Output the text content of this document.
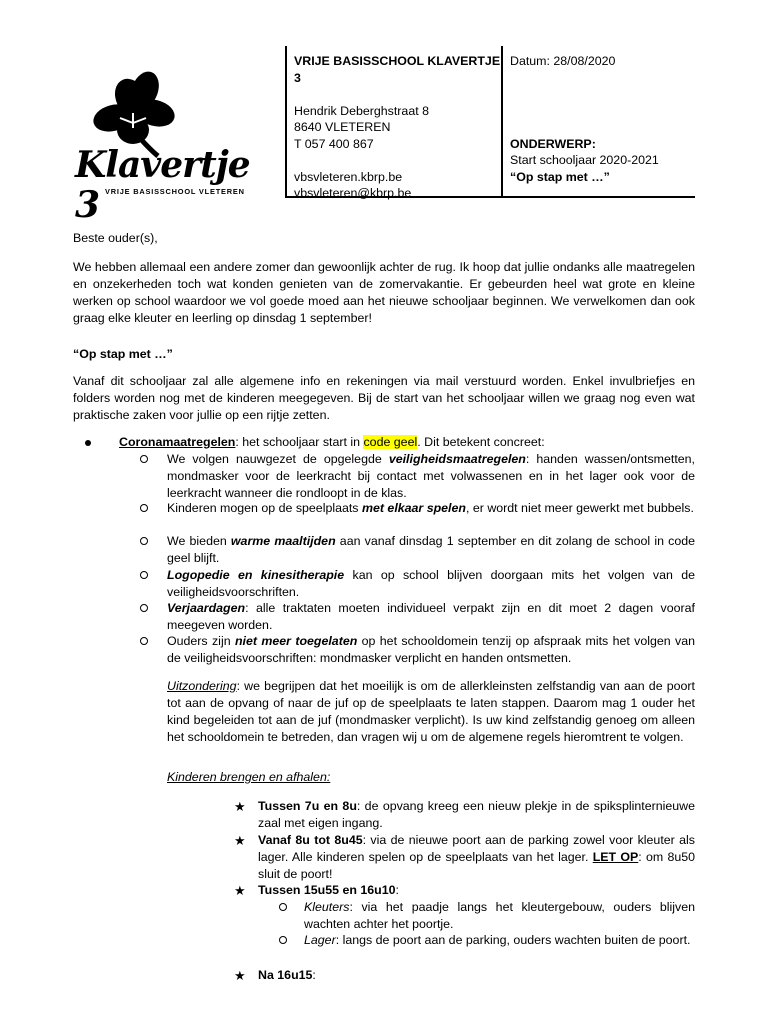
Klavertje 3 VRIJE BASISSCHOOL VLETEREN
VRIJE BASISSCHOOL KLAVERTJE 3
Hendrik Deberghstraat 8
8640 VLETEREN
T 057 400 867
vbsvleteren.kbrp.be
vbsvleteren@kbrp.be
Datum: 28/08/2020
ONDERWERP:
Start schooljaar 2020-2021
“Op stap met …”

Beste ouder(s),

We hebben allemaal een andere zomer dan gewoonlijk achter de rug. Ik hoop dat jullie ondanks alle maatregelen en onzekerheden toch wat konden genieten van de zomervakantie. Er gebeurden heel wat grote en kleine werken op school waardoor we vol goede moed aan het nieuwe schooljaar beginnen. We verwelkomen dan ook graag elke kleuter en leerling op dinsdag 1 september!

“Op stap met …”

Vanaf dit schooljaar zal alle algemene info en rekeningen via mail verstuurd worden. Enkel invulbriefjes en folders worden nog met de kinderen meegegeven. Bij de start van het schooljaar willen we graag nog even wat praktische zaken voor jullie op een rijtje zetten.

Coronamaatregelen: het schooljaar start in code geel. Dit betekent concreet:
We volgen nauwgezet de opgelegde veiligheidsmaatregelen: handen wassen/ontsmetten, mondmasker voor de leerkracht bij contact met volwassenen en in het lager ook voor de leerkracht wanneer die rondloopt in de klas.
Kinderen mogen op de speelplaats met elkaar spelen, er wordt niet meer gewerkt met bubbels.
We bieden warme maaltijden aan vanaf dinsdag 1 september en dit zolang de school in code geel blijft.
Logopedie en kinesitherapie kan op school blijven doorgaan mits het volgen van de veiligheidsvoorschriften.
Verjaardagen: alle traktaten moeten individueel verpakt zijn en dit moet 2 dagen vooraf meegeven worden.
Ouders zijn niet meer toegelaten op het schooldomein tenzij op afspraak mits het volgen van de veiligheidsvoorschriften: mondmasker verplicht en handen ontsmetten.

Uitzondering: we begrijpen dat het moeilijk is om de allerkleinsten zelfstandig van aan de poort tot aan de opvang of naar de juf op de speelplaats te laten stappen. Daarom mag 1 ouder het kind begeleiden tot aan de juf (mondmasker verplicht). Is uw kind zelfstandig genoeg om alleen het schooldomein te betreden, dan vragen wij u om de algemene regels hieromtrent te volgen.

Kinderen brengen en afhalen:

★ Tussen 7u en 8u: de opvang kreeg een nieuw plekje in de spiksplinternieuwe zaal met eigen ingang.
★ Vanaf 8u tot 8u45: via de nieuwe poort aan de parking zowel voor kleuter als lager. Alle kinderen spelen op de speelplaats van het lager. LET OP: om 8u50 sluit de poort!
★ Tussen 15u55 en 16u10:
Kleuters: via het paadje langs het kleutergebouw, ouders blijven wachten achter het poortje.
Lager: langs de poort aan de parking, ouders wachten buiten de poort.
★ Na 16u15:
